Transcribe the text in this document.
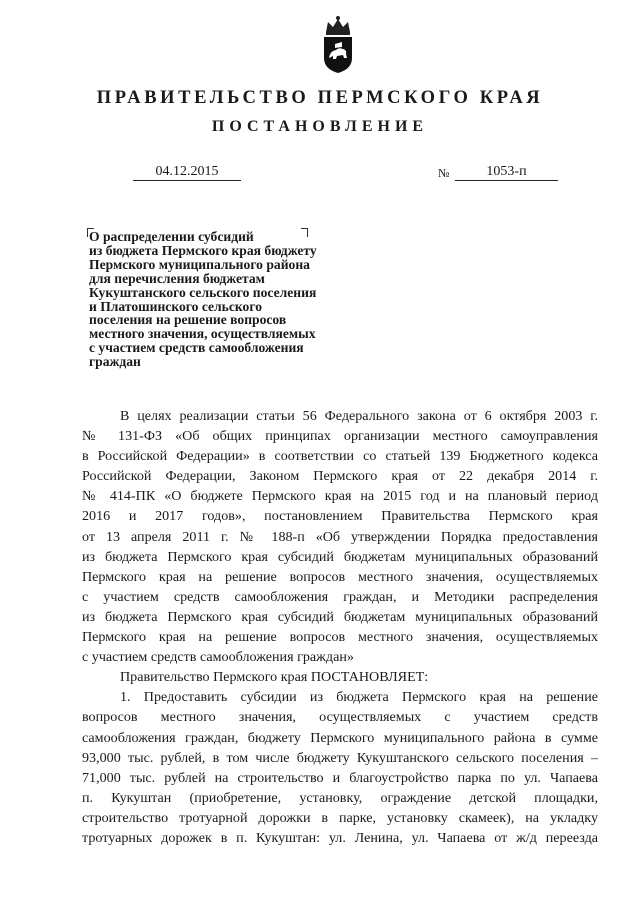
ПРАВИТЕЛЬСТВО ПЕРМСКОГО КРАЯ
ПОСТАНОВЛЕНИЕ
04.12.2015	№	1053-п
О распределении субсидий
из бюджета Пермского края бюджету
Пермского муниципального района
для перечисления бюджетам
Кукуштанского сельского поселения
и Платошинского сельского
поселения на решение вопросов
местного значения, осуществляемых
с участием средств самообложения
граждан
В целях реализации статьи 56 Федерального закона от 6 октября 2003 г.
№ 131-ФЗ «Об общих принципах организации местного самоуправления
в Российской Федерации» в соответствии со статьей 139 Бюджетного кодекса
Российской Федерации, Законом Пермского края от 22 декабря 2014 г.
№ 414-ПК «О бюджете Пермского края на 2015 год и на плановый период
2016 и 2017 годов», постановлением Правительства Пермского края
от 13 апреля 2011 г. № 188-п «Об утверждении Порядка предоставления
из бюджета Пермского края субсидий бюджетам муниципальных образований
Пермского края на решение вопросов местного значения, осуществляемых
с участием средств самообложения граждан, и Методики распределения
из бюджета Пермского края субсидий бюджетам муниципальных образований
Пермского края на решение вопросов местного значения, осуществляемых
с участием средств самообложения граждан»
Правительство Пермского края ПОСТАНОВЛЯЕТ:
1. Предоставить субсидии из бюджета Пермского края на решение
вопросов местного значения, осуществляемых с участием средств
самообложения граждан, бюджету Пермского муниципального района в сумме
93,000 тыс. рублей, в том числе бюджету Кукуштанского сельского поселения –
71,000 тыс. рублей на строительство и благоустройство парка по ул. Чапаева
п. Кукуштан (приобретение, установку, ограждение детской площадки,
строительство тротуарной дорожки в парке, установку скамеек), на укладку
тротуарных дорожек в п. Кукуштан: ул. Ленина, ул. Чапаева от ж/д переезда
